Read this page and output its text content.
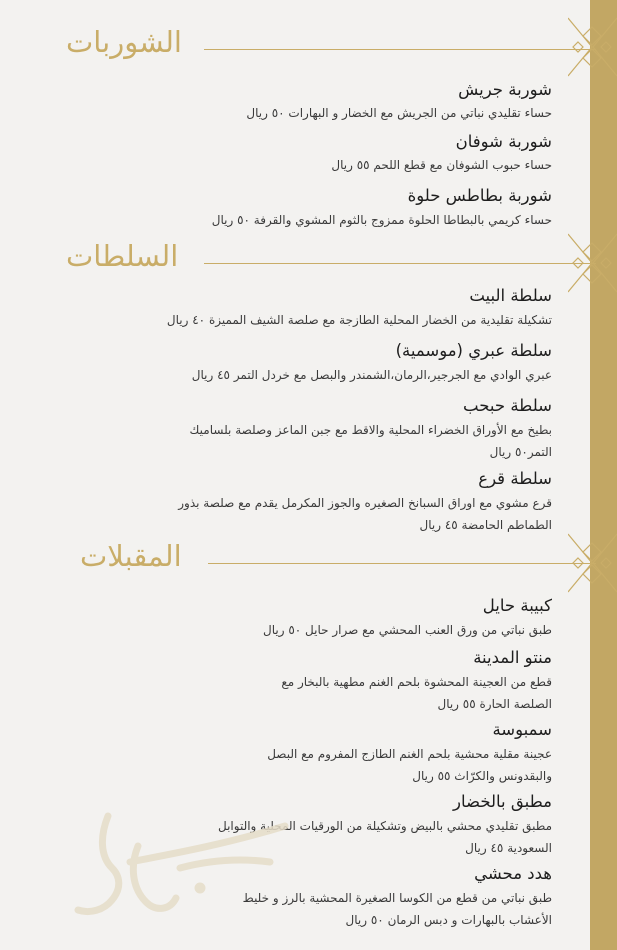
الشوربات
شوربة جريش
حساء تقليدي نباتي من الجريش مع الخضار و البهارات ٥٠ ريال
شوربة شوفان
حساء حبوب الشوفان مع قطع اللحم ٥٥ ريال
شوربة بطاطس حلوة
حساء كريمي بالبطاطا الحلوة ممزوج بالثوم المشوي والقرفة ٥٠ ريال
السلطات
سلطة البيت
تشكيلة تقليدية من الخضار المحلية الطازجة مع صلصة الشيف المميزة ٤٠ ريال
سلطة عبري (موسمية)
عبري الوادي مع الجرجير،الرمان،الشمندر والبصل مع خردل التمر ٤٥ ريال
سلطة حبحب
بطيخ مع الأوراق الخضراء المحلية والاقط مع جبن الماعز وصلصة بلساميك
التمر٥٠ ريال
سلطة قرع
قرع مشوي مع اوراق السبانخ الصغيره والجوز المكرمل يقدم مع صلصة بذور
الطماطم الحامضة ٤٥ ريال
المقبلات
كبيبة حايل
طبق نباتي من ورق العنب المحشي مع صرار حايل ٥٠ ريال
منتو المدينة
قطع من العجينة المحشوة بلحم الغنم مطهية بالبخار مع
الصلصة الحارة ٥٥ ريال
سمبوسة
عجينة مقلية محشية بلحم الغنم الطازج المفروم مع البصل
والبقدونس والكرّاث ٥٥ ريال
مطبق بالخضار
مطبق تقليدي محشي بالبيض وتشكيلة من الورقيات المحلية والتوابل
السعودية ٤٥ ريال
هدد محشي
طبق نباتي من قطع من الكوسا الصغيرة المحشية بالرز و خليط
الأعشاب بالبهارات و دبس الرمان ٥٠ ريال
